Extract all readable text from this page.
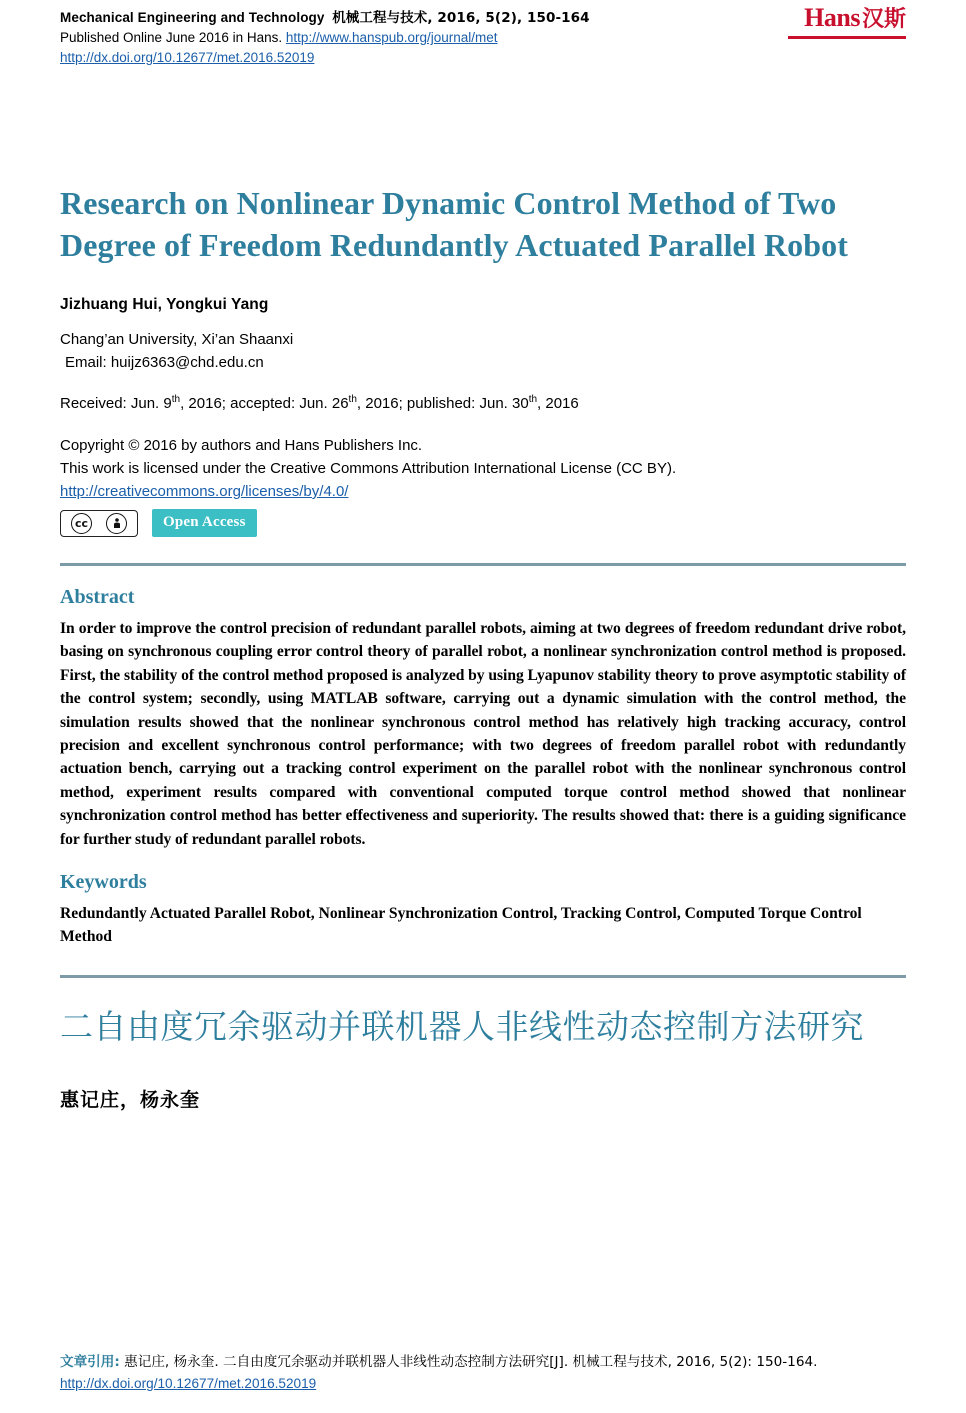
Mechanical Engineering and Technology 机械工程与技术, 2016, 5(2), 150-164
Published Online June 2016 in Hans. http://www.hanspub.org/journal/met
http://dx.doi.org/10.12677/met.2016.52019
Hans 汉斯
Research on Nonlinear Dynamic Control Method of Two Degree of Freedom Redundantly Actuated Parallel Robot
Jizhuang Hui, Yongkui Yang
Chang’an University, Xi’an Shaanxi
Email: huijz6363@chd.edu.cn
Received: Jun. 9th, 2016; accepted: Jun. 26th, 2016; published: Jun. 30th, 2016
Copyright © 2016 by authors and Hans Publishers Inc.
This work is licensed under the Creative Commons Attribution International License (CC BY).
http://creativecommons.org/licenses/by/4.0/
cc	Open Access
Abstract
In order to improve the control precision of redundant parallel robots, aiming at two degrees of freedom redundant drive robot, basing on synchronous coupling error control theory of parallel robot, a nonlinear synchronization control method is proposed. First, the stability of the control method proposed is analyzed by using Lyapunov stability theory to prove asymptotic stability of the control system; secondly, using MATLAB software, carrying out a dynamic simulation with the control method, the simulation results showed that the nonlinear synchronous control method has relatively high tracking accuracy, control precision and excellent synchronous control performance; with two degrees of freedom parallel robot with redundantly actuation bench, carrying out a tracking control experiment on the parallel robot with the nonlinear synchronous control method, experiment results compared with conventional computed torque control method showed that nonlinear synchronization control method has better effectiveness and superiority. The results showed that: there is a guiding significance for further study of redundant parallel robots.
Keywords
Redundantly Actuated Parallel Robot, Nonlinear Synchronization Control, Tracking Control, Computed Torque Control Method
二自由度冗余驱动并联机器人非线性动态控制方法研究
惠记庄，杨永奎
文章引用: 惠记庄, 杨永奎. 二自由度冗余驱动并联机器人非线性动态控制方法研究[J]. 机械工程与技术, 2016, 5(2): 150-164. http://dx.doi.org/10.12677/met.2016.52019
